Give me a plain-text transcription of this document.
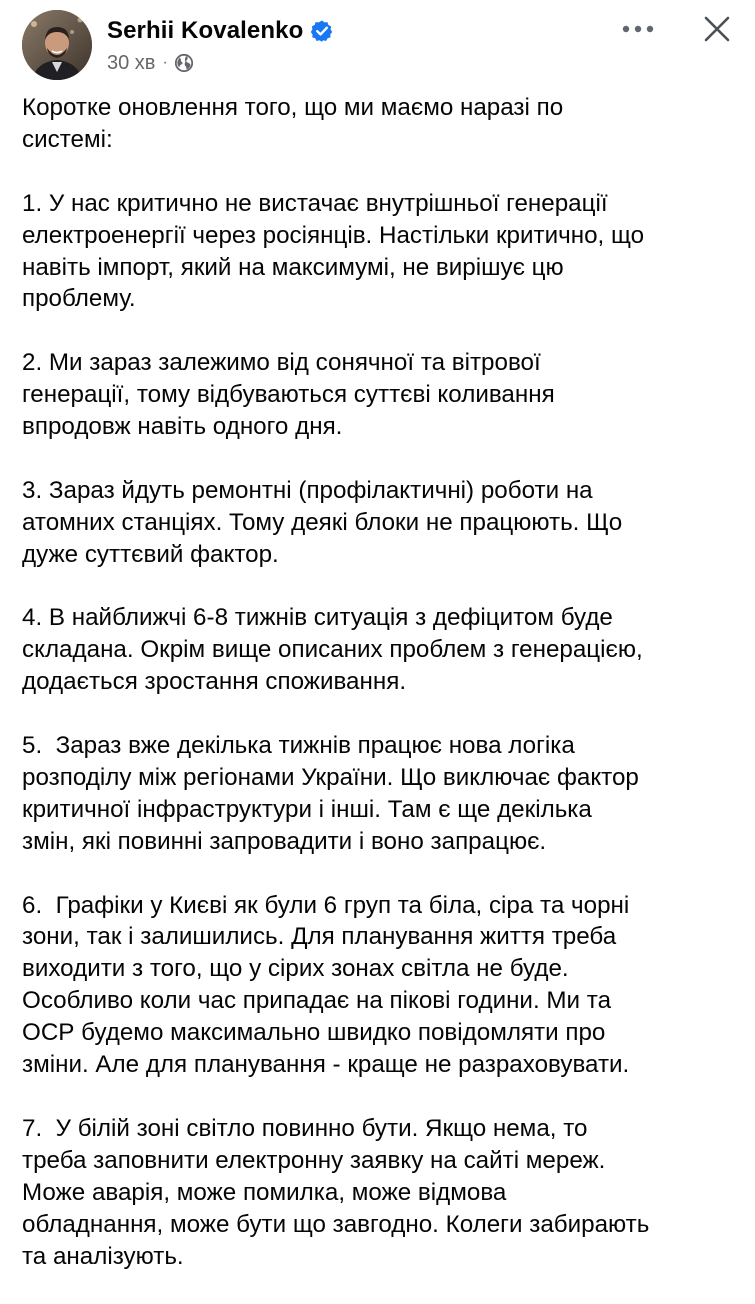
Serhii Kovalenko
30 хв ·

Коротке оновлення того, що ми маємо наразі по
системі:

1. У нас критично не вистачає внутрішньої генерації
електроенергії через росіянців. Настільки критично, що
навіть імпорт, який на максимумі, не вирішує цю
проблему.

2. Ми зараз залежимо від сонячної та вітрової
генерації, тому відбуваються суттєві коливання
впродовж навіть одного дня.

3. Зараз йдуть ремонтні (профілактичні) роботи на
атомних станціях. Тому деякі блоки не працюють. Що
дуже суттєвий фактор.

4. В найближчі 6-8 тижнів ситуація з дефіцитом буде
складана. Окрім вище описаних проблем з генерацією,
додається зростання споживання.

5.  Зараз вже декілька тижнів працює нова логіка
розподілу між регіонами України. Що виключає фактор
критичної інфраструктури і інші. Там є ще декілька
змін, які повинні запровадити і воно запрацює.

6.  Графіки у Києві як були 6 груп та біла, сіра та чорні
зони, так і залишились. Для планування життя треба
виходити з того, що у сірих зонах світла не буде.
Особливо коли час припадає на пікові години. Ми та
ОСР будемо максимально швидко повідомляти про
зміни. Але для планування - краще не разраховувати.

7.  У білій зоні світло повинно бути. Якщо нема, то
треба заповнити електронну заявку на сайті мереж.
Може аварія, може помилка, може відмова
обладнання, може бути що завгодно. Колеги забирають
та аналізують.
